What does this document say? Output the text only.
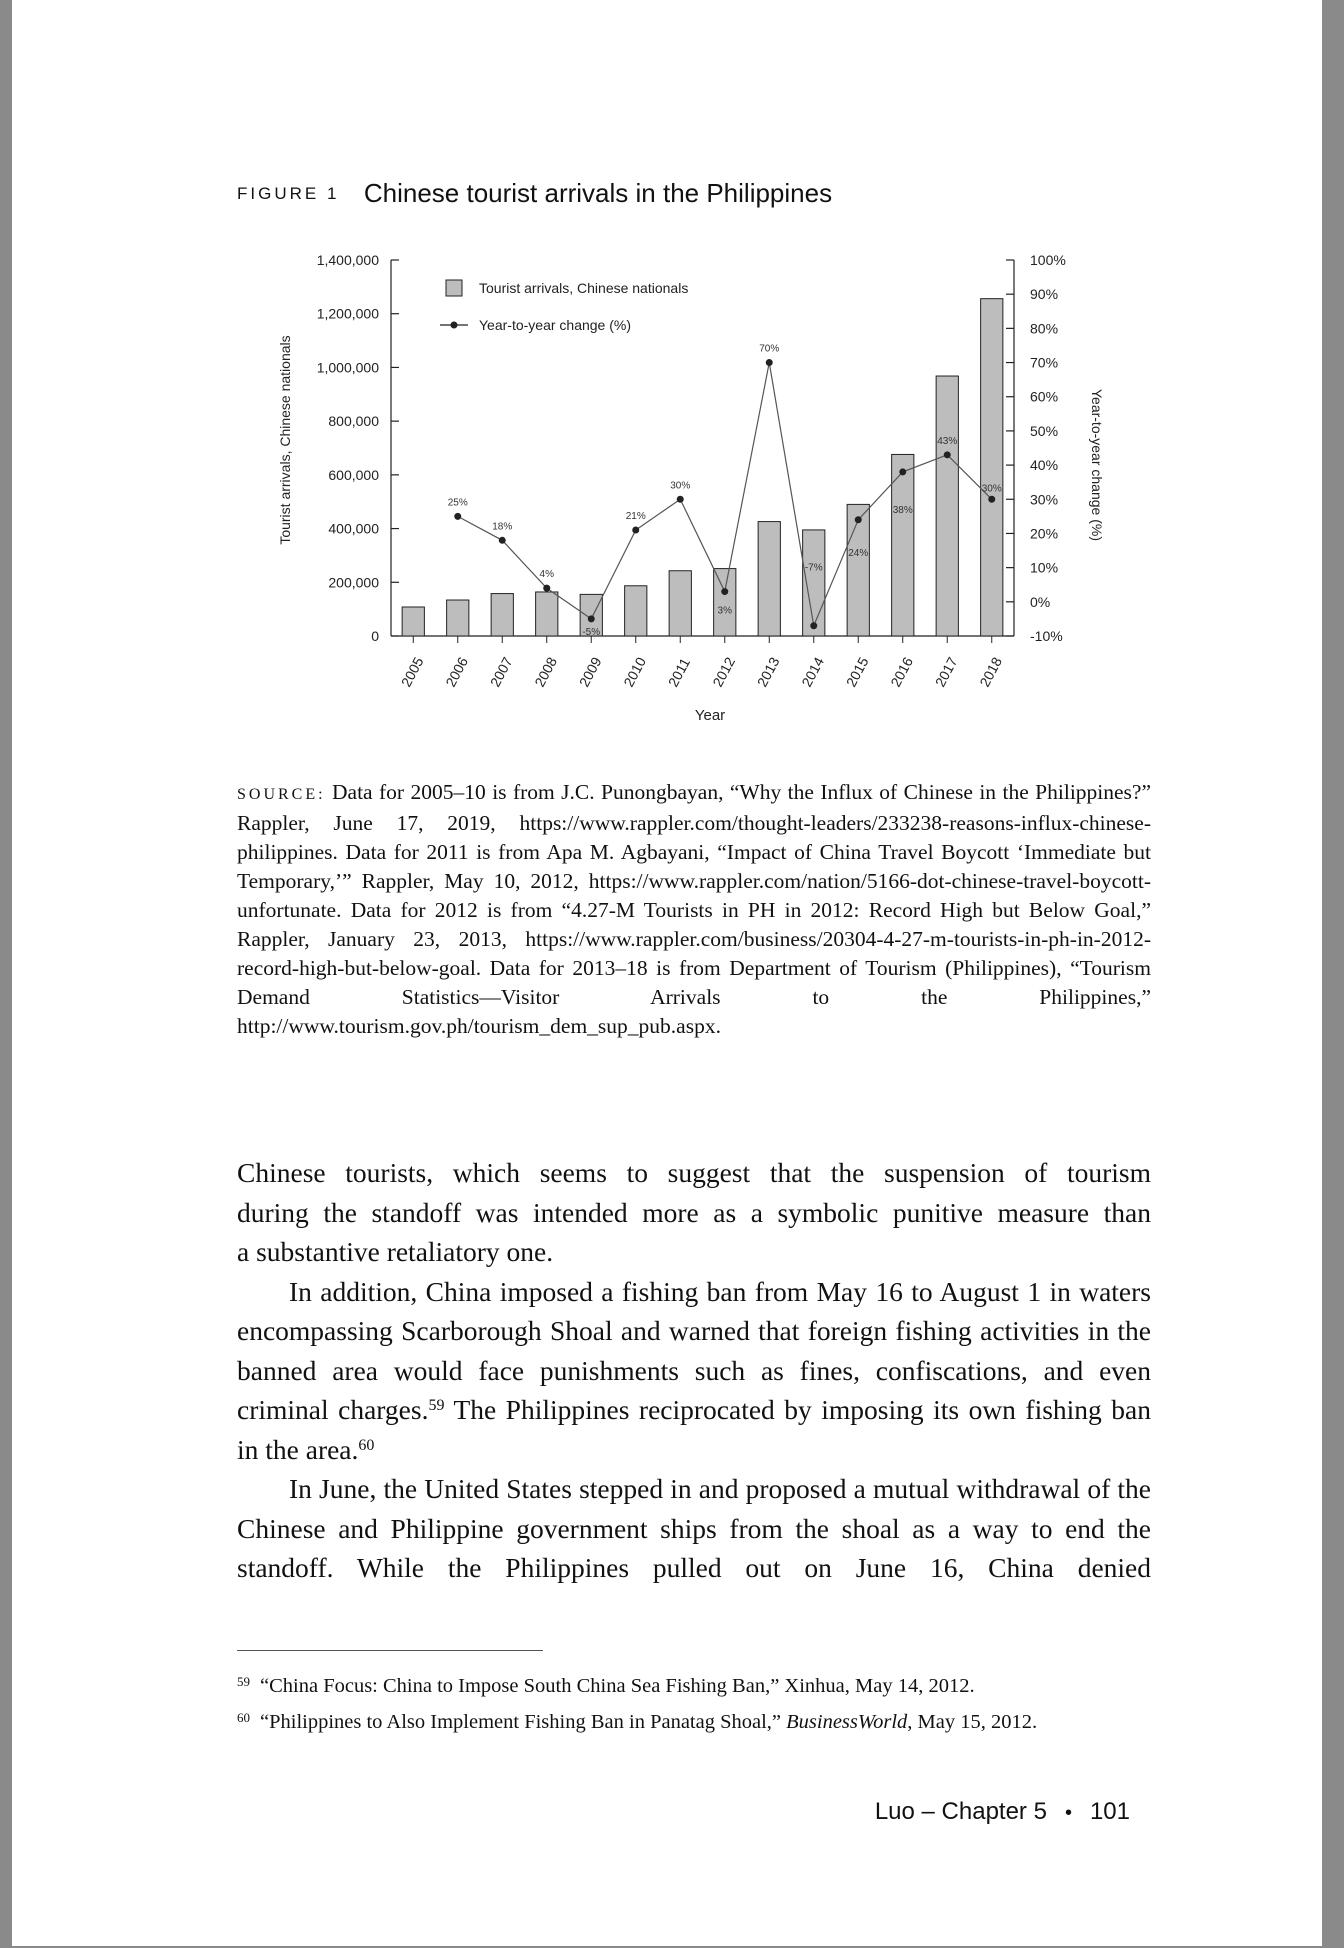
FIGURE 1 Chinese tourist arrivals in the Philippines
0
200,000
400,000
600,000
800,000
1,000,000
1,200,000
1,400,000
-10%
0%
10%
20%
30%
40%
50%
60%
70%
80%
90%
100%
2005 2006 2007 2008 2009 2010 2011 2012 2013 2014 2015 2016 2017 2018
25%
18%
4%
-5%
21%
30%
3%
70%
-7%
24%
38%
43%
30%
Tourist arrivals, Chinese nationals
Year-to-year change (%)
Year
Tourist arrivals, Chinese nationals	Year-to-year change (%)
SOURCE: Data for 2005–10 is from J.C. Punongbayan, “Why the Influx of Chinese in the Philippines?” Rappler, June 17, 2019, https://www.rappler.com/thought-leaders/233238-reasons-influx-chinese-philippines. Data for 2011 is from Apa M. Agbayani, “Impact of China Travel Boycott ‘Immediate but Temporary,’” Rappler, May 10, 2012, https://www.rappler.com/nation/5166-dot-chinese-travel-boycott-unfortunate. Data for 2012 is from “4.27-M Tourists in PH in 2012: Record High but Below Goal,” Rappler, January 23, 2013, https://www.rappler.com/business/20304-4-27-m-tourists-in-ph-in-2012-record-high-but-below-goal. Data for 2013–18 is from Department of Tourism (Philippines), “Tourism Demand Statistics—Visitor Arrivals to the Philippines,” http://www.tourism.gov.ph/tourism_dem_sup_pub.aspx.

Chinese tourists, which seems to suggest that the suspension of tourism

during the standoff was intended more as a symbolic punitive measure than

a substantive retaliatory one.

In addition, China imposed a fishing ban from May 16 to August 1 in waters encompassing Scarborough Shoal and warned that foreign fishing activities in the banned area would face punishments such as fines, confiscations, and even criminal charges.$^{59}$ The Philippines reciprocated by imposing its own fishing ban in the area.$^{60}$

In June, the United States stepped in and proposed a mutual withdrawal of the Chinese and Philippine government ships from the shoal as a way to end the standoff. While the Philippines pulled out on June 16, China denied

$^{59}$ “China Focus: China to Impose South China Sea Fishing Ban,” Xinhua, May 14, 2012.
$^{60}$ “Philippines to Also Implement Fishing Ban in Panatag Shoal,” BusinessWorld, May 15, 2012.
Luo – Chapter 5 • 101
